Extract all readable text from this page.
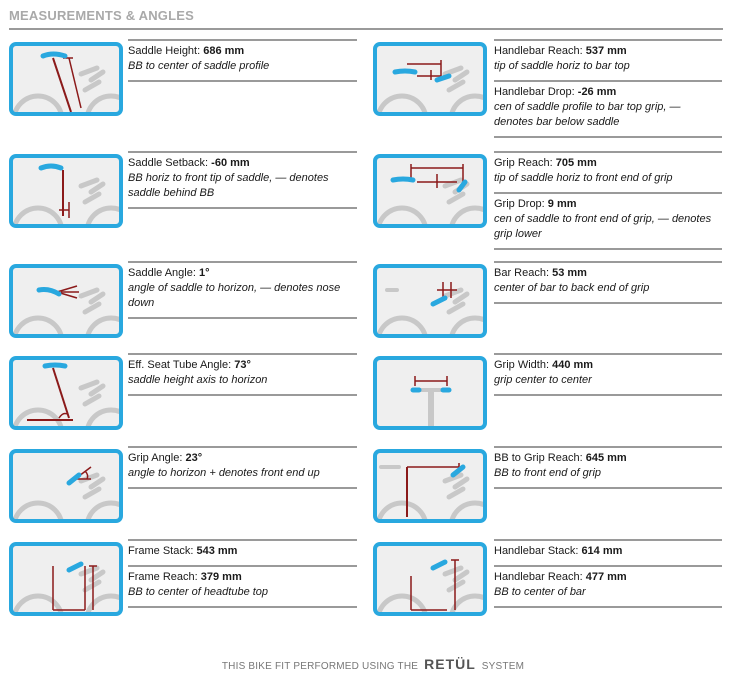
MEASUREMENTS & ANGLES
Saddle Height: 686 mm
BB to center of saddle profile
Saddle Setback: -60 mm
BB horiz to front tip of saddle, — denotes saddle behind BB
Saddle Angle: 1°
angle of saddle to horizon, — denotes nose down
Eff. Seat Tube Angle: 73°
saddle height axis to horizon
Grip Angle: 23°
angle to horizon + denotes front end up
Frame Stack: 543 mm
Frame Reach: 379 mm
BB to center of headtube top
Handlebar Reach: 537 mm
tip of saddle horiz to bar top
Handlebar Drop: -26 mm
cen of saddle profile to bar top grip, — denotes bar below saddle
Grip Reach: 705 mm
tip of saddle horiz to front end of grip
Grip Drop: 9 mm
cen of saddle to front end of grip, — denotes grip lower
Bar Reach: 53 mm
center of bar to back end of grip
Grip Width: 440 mm
grip center to center
BB to Grip Reach: 645 mm
BB to front end of grip
Handlebar Stack: 614 mm
Handlebar Reach: 477 mm
BB to center of bar
THIS BIKE FIT PERFORMED USING THE RETÜL SYSTEM
